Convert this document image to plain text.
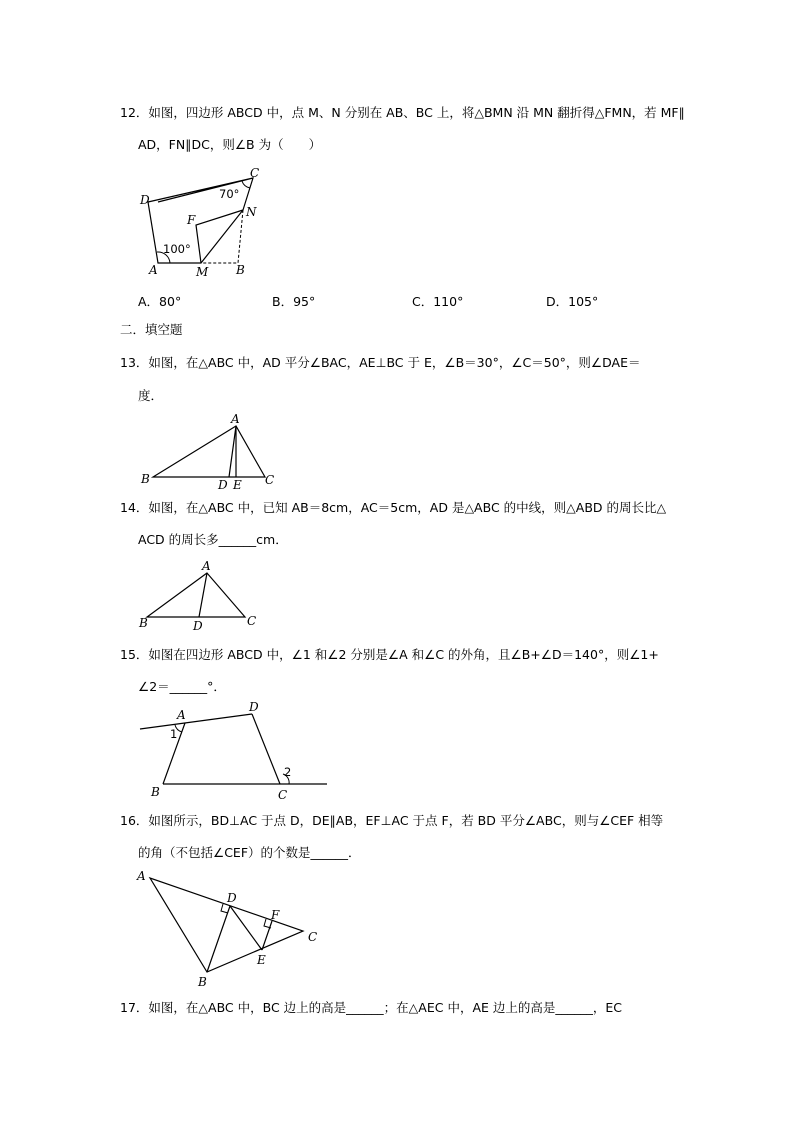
12．如图，四边形 ABCD 中，点 M、N 分别在 AB、BC 上，将△BMN 沿 MN 翻折得△FMN，若 MF∥
AD，FN∥DC，则∠B 为（　　）
D
C
F
N
A	M B
70°
100°
A．80°	B．95°	C．110°	D．105°
二．填空题
13．如图，在△ABC 中，AD 平分∠BAC，AE⊥BC 于 E，∠B＝30°，∠C＝50°，则∠DAE＝
度．
A
B	D E C
14．如图，在△ABC 中，已知 AB＝8cm，AC＝5cm，AD 是△ABC 的中线，则△ABD 的周长比△
ACD 的周长多______cm．
A
B	D	C
15．如图在四边形 ABCD 中，∠1 和∠2 分别是∠A 和∠C 的外角，且∠B+∠D＝140°，则∠1+
∠2＝______°．
A
D
1
2
B	C
16．如图所示，BD⊥AC 于点 D，DE∥AB，EF⊥AC 于点 F，若 BD 平分∠ABC，则与∠CEF 相等
的角（不包括∠CEF）的个数是______．
A
D
F
C
B
E
17．如图，在△ABC 中，BC 边上的高是______；在△AEC 中，AE 边上的高是______，EC
